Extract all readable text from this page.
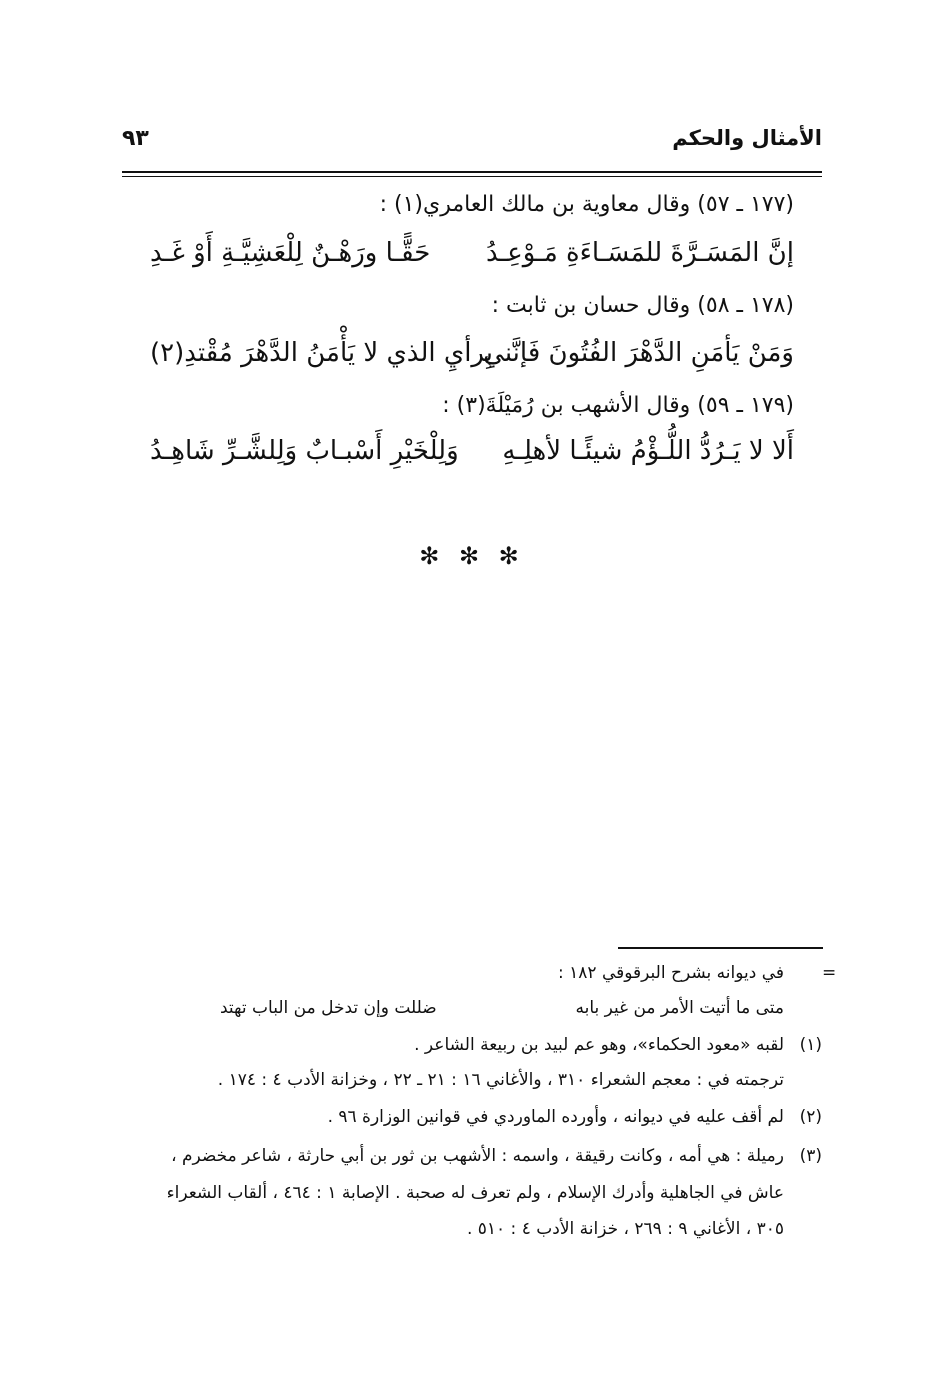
الأمثال والحكم
٩٣
(١٧٧ ـ ٥٧) وقال معاوية بن مالك العامري(١) :
إنَّ المَسَـرَّةَ للمَسَـاءَةِ مَـوْعِـدُ
حَقًّـا ورَهْـنٌ لِلْعَشِيَّـةِ أَوْ غَـدِ
(١٧٨ ـ ٥٨) وقال حسان بن ثابت :
وَمَنْ يَأمَنِ الدَّهْرَ الفُتُونَ فَإنَّني
بِرأيِ الذي لا يَأْمَنُ الدَّهْرَ مُقْتدِ(٢)
(١٧٩ ـ ٥٩) وقال الأشهب بن رُمَيْلَةَ(٣) :
أَلا لا يَـرُدُّ اللُّـؤْمُ شيئًـا لأهلِـهِ
وَلِلْخَيْرِ أَسْبـابٌ وَلِلشَّـرِّ شَاهِـدُ
✻ ✻ ✻
=
في ديوانه بشرح البرقوقي ١٨٢ :
متى ما أتيت الأمر من غير بابه
ضللت وإن تدخل من الباب تهتد
(١)
لقبه «معود الحكماء»، وهو عم لبيد بن ربيعة الشاعر .
ترجمته في : معجم الشعراء ٣١٠ ، والأغاني ١٦ : ٢١ ـ ٢٢ ، وخزانة الأدب ٤ : ١٧٤ .
(٢)
لم أقف عليه في ديوانه ، وأورده الماوردي في قوانين الوزارة ٩٦ .
(٣)
رميلة : هي أمه ، وكانت رقيقة ، واسمه : الأشهب بن ثور بن أبي حارثة ، شاعر مخضرم ،
عاش في الجاهلية وأدرك الإسلام ، ولم تعرف له صحبة . الإصابة ١ : ٤٦٤ ، ألقاب الشعراء
٣٠٥ ، الأغاني ٩ : ٢٦٩ ، خزانة الأدب ٤ : ٥١٠ .
